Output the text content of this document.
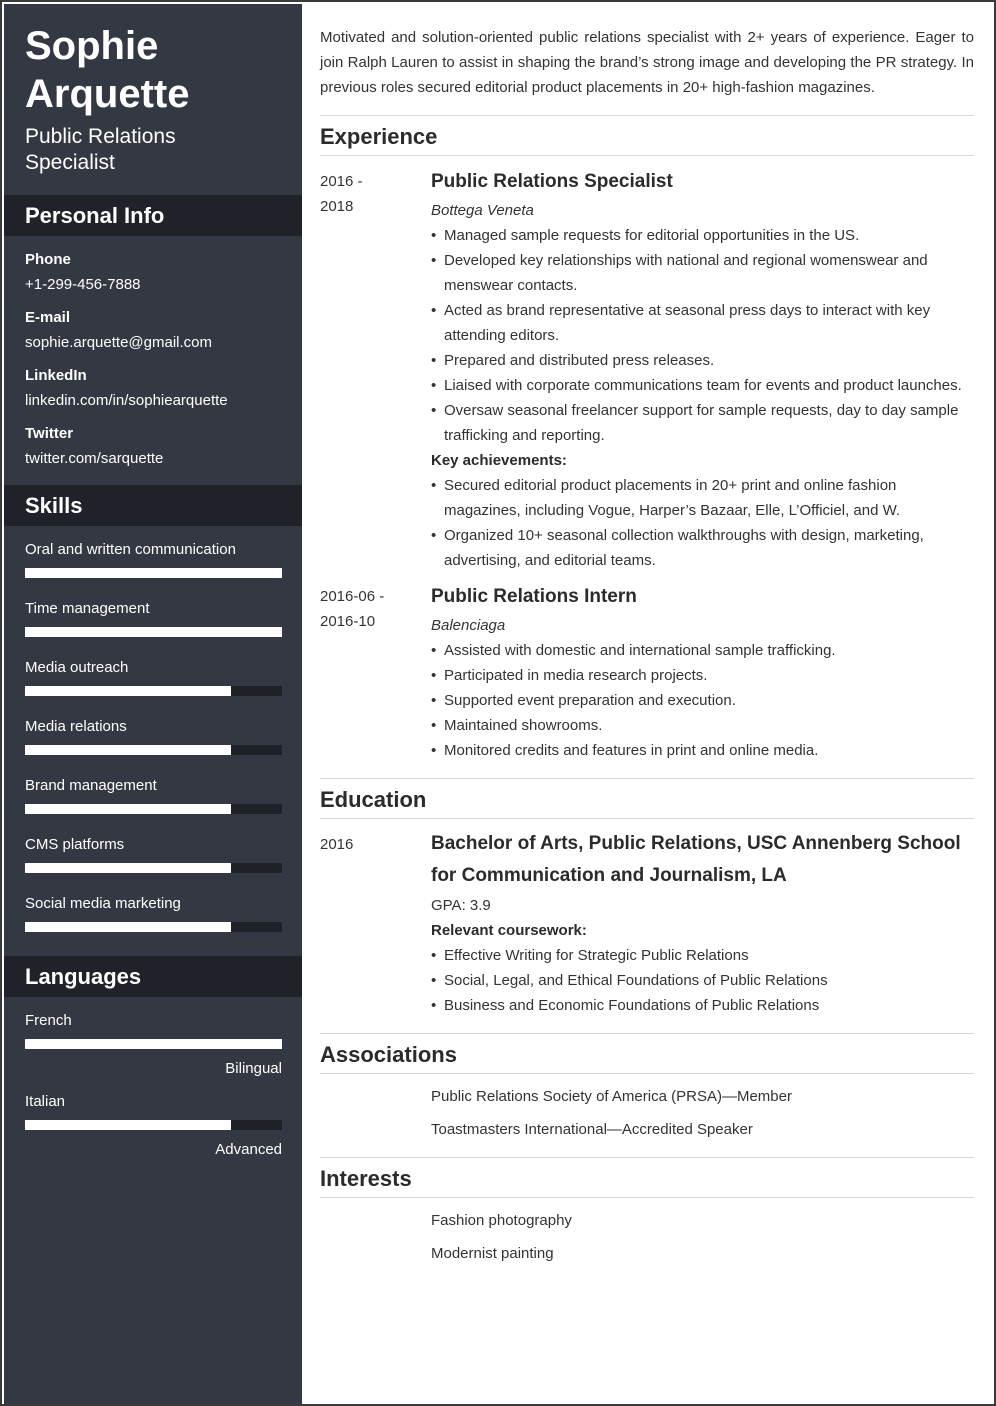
Sophie
Arquette
Public Relations
Specialist
Personal Info
Phone
+1-299-456-7888
E-mail
sophie.arquette@gmail.com
LinkedIn
linkedin.com/in/sophiearquette
Twitter
twitter.com/sarquette
Skills
Oral and written communication
Time management
Media outreach
Media relations
Brand management
CMS platforms
Social media marketing
Languages
French
Bilingual
Italian
Advanced
Motivated and solution-oriented public relations specialist with 2+ years of experience. Eager to join Ralph Lauren to assist in shaping the brand’s strong image and developing the PR strategy. In previous roles secured editorial product placements in 20+ high-fashion magazines.
Experience
2016 -
2018
Public Relations Specialist
Bottega Veneta
• Managed sample requests for editorial opportunities in the US.
• Developed key relationships with national and regional womenswear and menswear contacts.
• Acted as brand representative at seasonal press days to interact with key attending editors.
• Prepared and distributed press releases.
• Liaised with corporate communications team for events and product launches.
• Oversaw seasonal freelancer support for sample requests, day to day sample trafficking and reporting.
Key achievements:
• Secured editorial product placements in 20+ print and online fashion magazines, including Vogue, Harper’s Bazaar, Elle, L’Officiel, and W.
• Organized 10+ seasonal collection walkthroughs with design, marketing, advertising, and editorial teams.
2016-06 -
2016-10
Public Relations Intern
Balenciaga
• Assisted with domestic and international sample trafficking.
• Participated in media research projects.
• Supported event preparation and execution.
• Maintained showrooms.
• Monitored credits and features in print and online media.
Education
2016	Bachelor of Arts, Public Relations, USC Annenberg School for Communication and Journalism, LA
GPA: 3.9
Relevant coursework:
• Effective Writing for Strategic Public Relations
• Social, Legal, and Ethical Foundations of Public Relations
• Business and Economic Foundations of Public Relations
Associations
Public Relations Society of America (PRSA)—Member
Toastmasters International—Accredited Speaker
Interests
Fashion photography
Modernist painting
